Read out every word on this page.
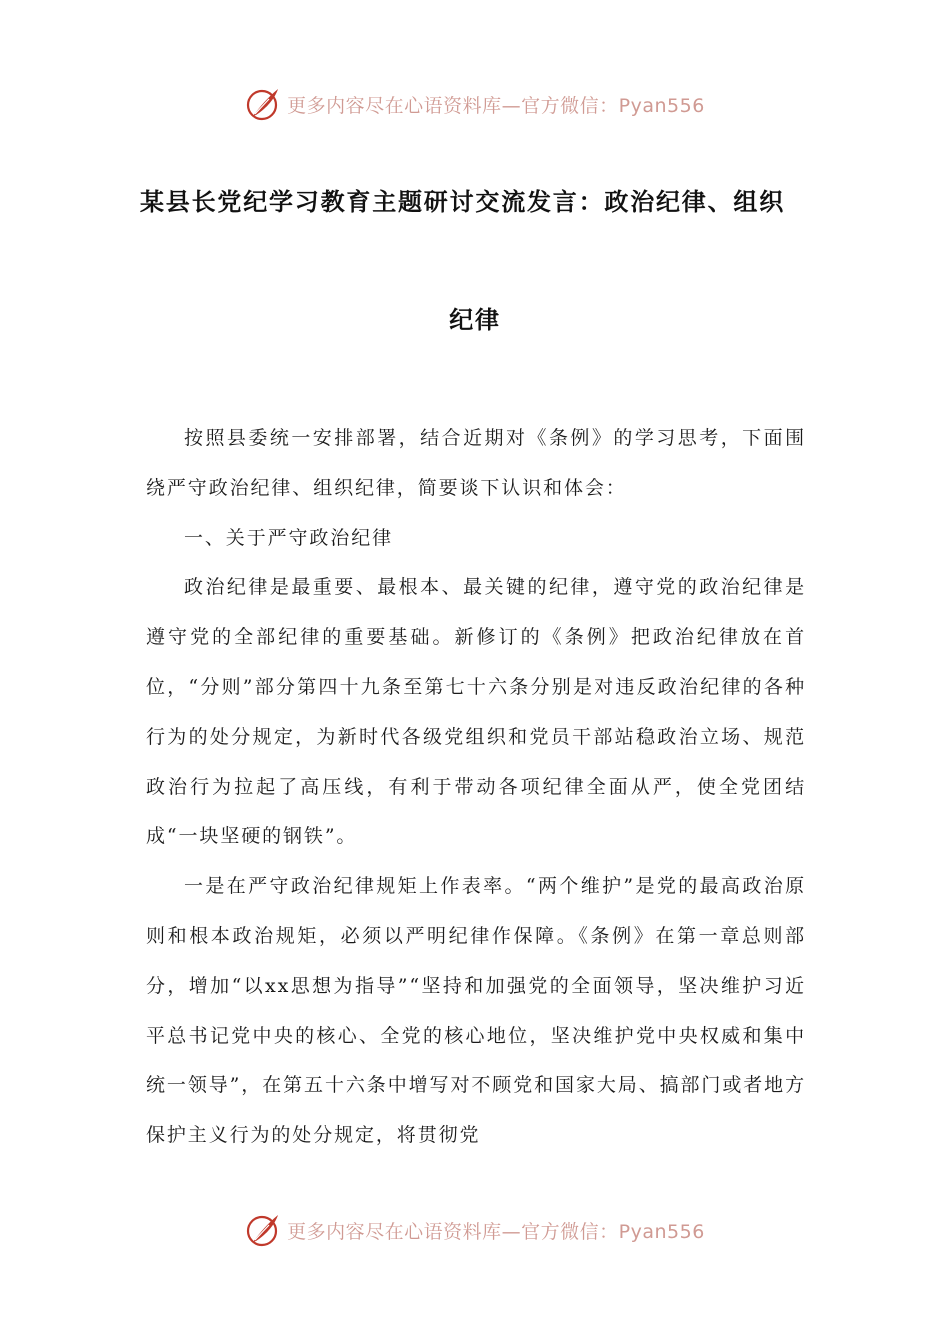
更多内容尽在心语资料库—官方微信：Pyan556
某县长党纪学习教育主题研讨交流发言：政治纪律、组织
纪律

按照县委统一安排部署，结合近期对《条例》的学习思考，下面围绕严守政治纪律、组织纪律，简要谈下认识和体会：

一、关于严守政治纪律

政治纪律是最重要、最根本、最关键的纪律，遵守党的政治纪律是遵守党的全部纪律的重要基础。新修订的《条例》把政治纪律放在首位，“分则”部分第四十九条至第七十六条分别是对违反政治纪律的各种行为的处分规定，为新时代各级党组织和党员干部站稳政治立场、规范政治行为拉起了高压线，有利于带动各项纪律全面从严，使全党团结成“一块坚硬的钢铁”。

一是在严守政治纪律规矩上作表率。“两个维护”是党的最高政治原则和根本政治规矩，必须以严明纪律作保障。《条例》在第一章总则部分，增加“以xx思想为指导”“坚持和加强党的全面领导，坚决维护习近平总书记党中央的核心、全党的核心地位，坚决维护党中央权威和集中统一领导”，在第五十六条中增写对不顾党和国家大局、搞部门或者地方保护主义行为的处分规定，将贯彻党

更多内容尽在心语资料库—官方微信：Pyan556
